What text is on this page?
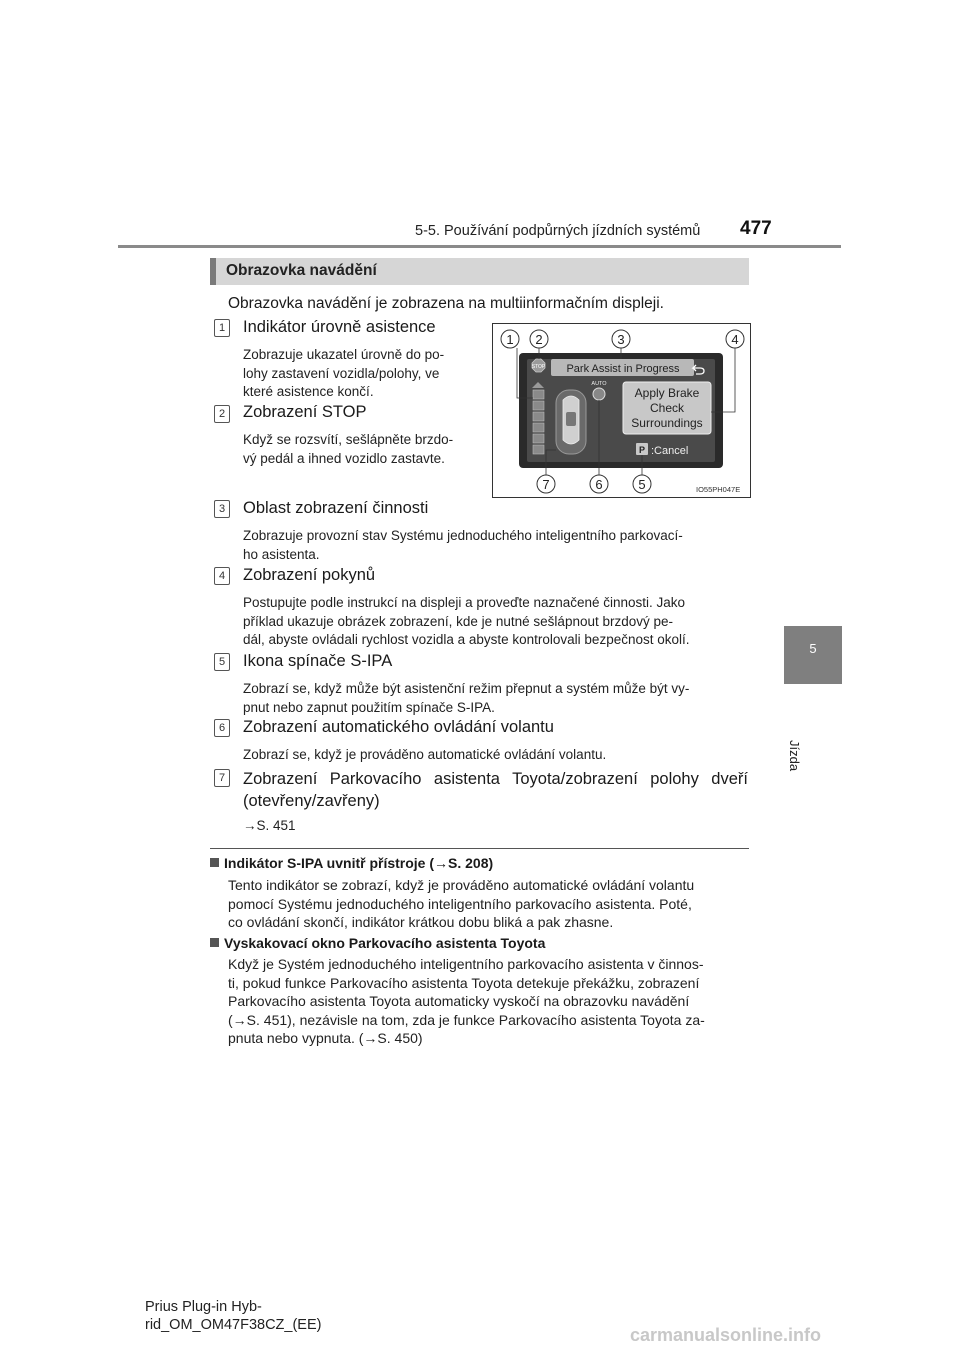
5-5. Používání podpůrných jízdních systémů 477
5
Jízda
Obrazovka navádění
Obrazovka navádění je zobrazena na multiinformačním displeji.
Park Assist in Progress
STOP
AUTO
Apply Brake
Check
Surroundings
P :Cancel
1 2	3	4
5
6
7	IO55PH047E
1 Indikátor úrovně asistence
Zobrazuje ukazatel úrovně do po-
lohy zastavení vozidla/polohy, ve
které asistence končí.
2 Zobrazení STOP
Když se rozsvítí, sešlápněte brzdo-
vý pedál a ihned vozidlo zastavte.
3 Oblast zobrazení činnosti
Zobrazuje provozní stav Systému jednoduchého inteligentního parkovací-
ho asistenta.
4 Zobrazení pokynů
Postupujte podle instrukcí na displeji a proveďte naznačené činnosti. Jako
příklad ukazuje obrázek zobrazení, kde je nutné sešlápnout brzdový pe-
dál, abyste ovládali rychlost vozidla a abyste kontrolovali bezpečnost okolí.
5 Ikona spínače S-IPA
Zobrazí se, když může být asistenční režim přepnut a systém může být vy-
pnut nebo zapnut použitím spínače S-IPA.
6 Zobrazení automatického ovládání volantu
Zobrazí se, když je prováděno automatické ovládání volantu.
7 Zobrazení Parkovacího asistenta Toyota/zobrazení polohy dveří
(otevřeny/zavřeny)
→S. 451
Indikátor S-IPA uvnitř přístroje (→S. 208)
Tento indikátor se zobrazí, když je prováděno automatické ovládání volantu
pomocí Systému jednoduchého inteligentního parkovacího asistenta. Poté,
co ovládání skončí, indikátor krátkou dobu bliká a pak zhasne.
Vyskakovací okno Parkovacího asistenta Toyota
Když je Systém jednoduchého inteligentního parkovacího asistenta v činnos-
ti, pokud funkce Parkovacího asistenta Toyota detekuje překážku, zobrazení
Parkovacího asistenta Toyota automaticky vyskočí na obrazovku navádění
(→S. 451), nezávisle na tom, zda je funkce Parkovacího asistenta Toyota za-
pnuta nebo vypnuta. (→S. 450)
Prius Plug-in Hyb-
rid_OM_OM47F38CZ_(EE)	carmanualsonline.info
